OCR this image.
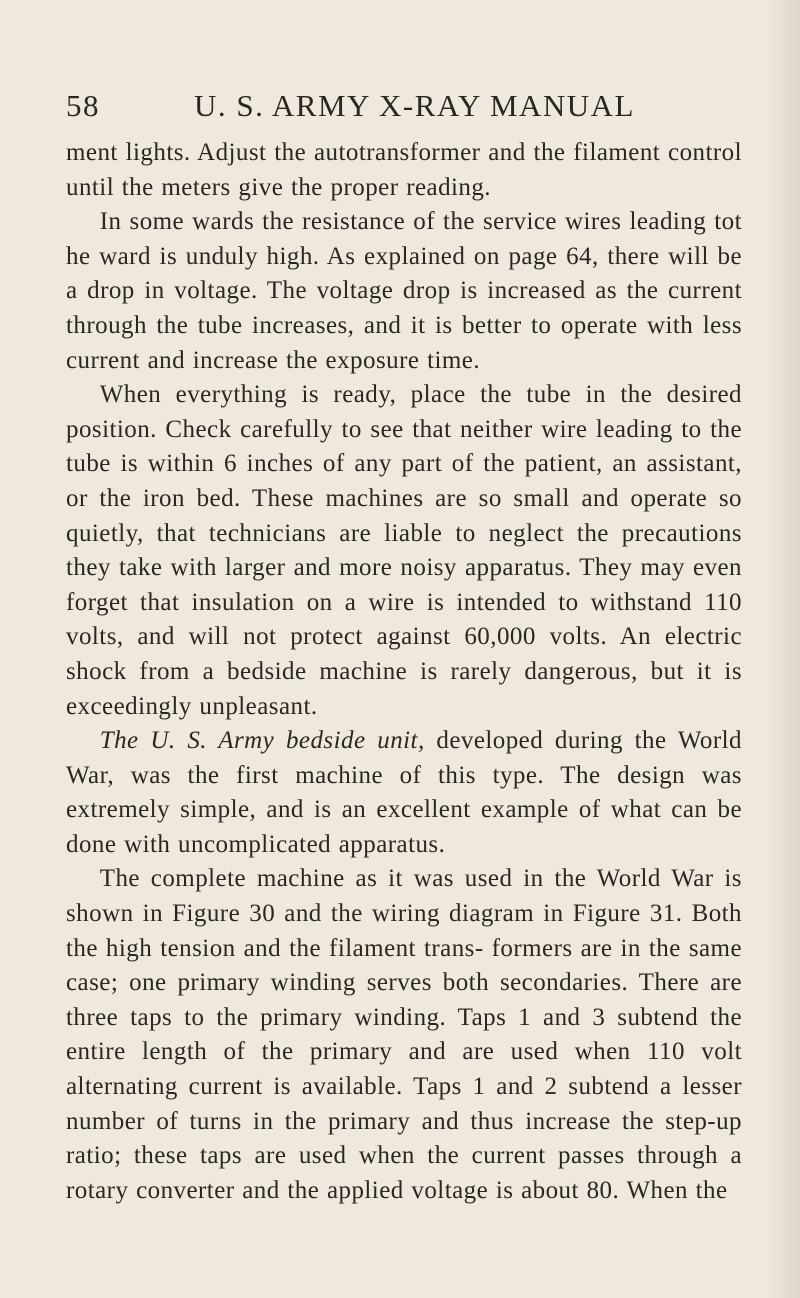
58	U. S. ARMY X-RAY MANUAL

ment lights. Adjust the autotransformer and the filament control until the meters give the proper reading.

In some wards the resistance of the service wires leading tot he ward is unduly high. As explained on page 64, there will be a drop in voltage. The voltage drop is increased as the current through the tube increases, and it is better to operate with less current and increase the exposure time.

When everything is ready, place the tube in the desired position. Check carefully to see that neither wire leading to the tube is within 6 inches of any part of the patient, an assistant, or the iron bed. These machines are so small and operate so quietly, that technicians are liable to neglect the precautions they take with larger and more noisy apparatus. They may even forget that insulation on a wire is intended to withstand 110 volts, and will not protect against 60,000 volts. An electric shock from a bedside machine is rarely dangerous, but it is exceedingly unpleasant.

The U. S. Army bedside unit, developed during the World War, was the first machine of this type. The design was extremely simple, and is an excellent example of what can be done with uncomplicated apparatus.

The complete machine as it was used in the World War is shown in Figure 30 and the wiring diagram in Figure 31. Both the high tension and the filament trans- formers are in the same case; one primary winding serves both secondaries. There are three taps to the primary winding. Taps 1 and 3 subtend the entire length of the primary and are used when 110 volt alternating current is available. Taps 1 and 2 subtend a lesser number of turns in the primary and thus increase the step-up ratio; these taps are used when the current passes through a rotary converter and the applied voltage is about 80. When the
